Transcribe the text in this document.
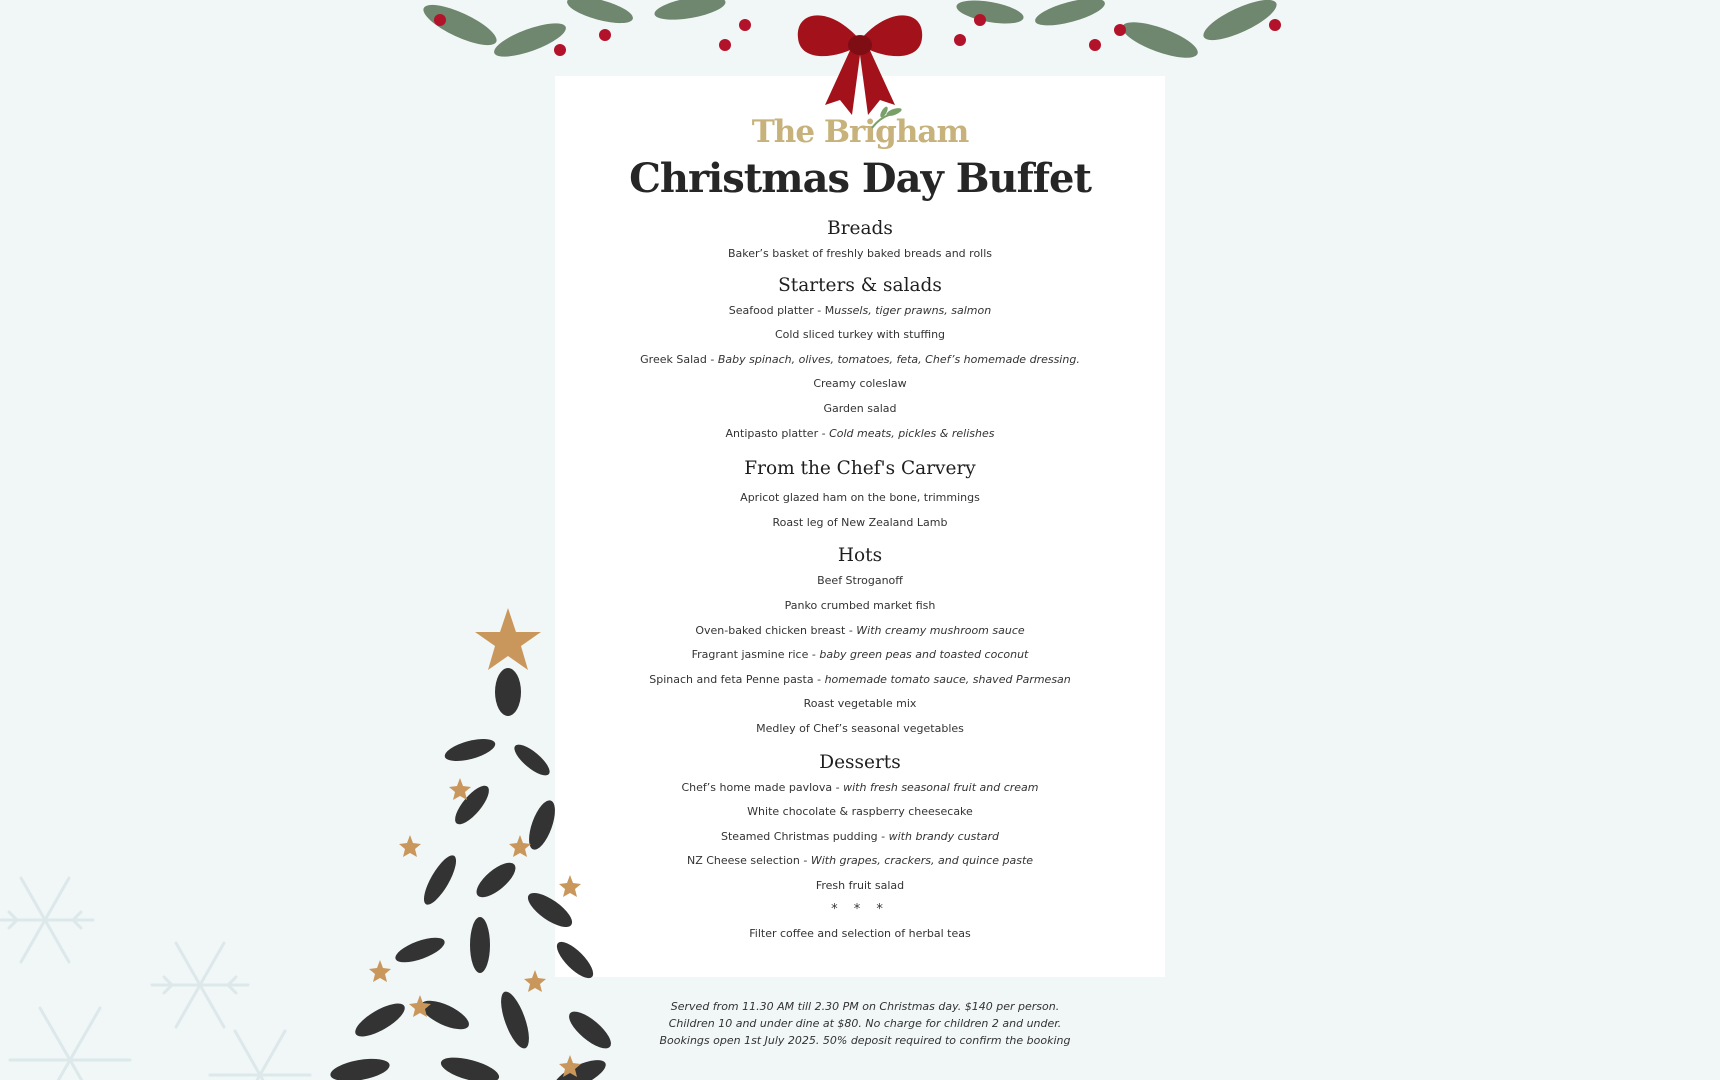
The Brigham
Christmas Day Buffet
Breads
Baker’s basket of freshly baked breads and rolls
Starters & salads
Seafood platter - Mussels, tiger prawns, salmon
Cold sliced turkey with stuffing
Greek Salad - Baby spinach, olives, tomatoes, feta, Chef’s homemade dressing.
Creamy coleslaw
Garden salad
Antipasto platter - Cold meats, pickles & relishes
From the Chef's Carvery
Apricot glazed ham on the bone, trimmings
Roast leg of New Zealand Lamb
Hots
Beef Stroganoff
Panko crumbed market fish
Oven-baked chicken breast - With creamy mushroom sauce
Fragrant jasmine rice - baby green peas and toasted coconut
Spinach and feta Penne pasta - homemade tomato sauce, shaved Parmesan
Roast vegetable mix
Medley of Chef’s seasonal vegetables
Desserts
Chef’s home made pavlova - with fresh seasonal fruit and cream
White chocolate & raspberry cheesecake
Steamed Christmas pudding - with brandy custard
NZ Cheese selection - With grapes, crackers, and quince paste
Fresh fruit salad
* * *
Filter coffee and selection of herbal teas
Served from 11.30 AM till 2.30 PM on Christmas day. $140 per person.
Children 10 and under dine at $80. No charge for children 2 and under.
Bookings open 1st July 2025. 50% deposit required to confirm the booking
